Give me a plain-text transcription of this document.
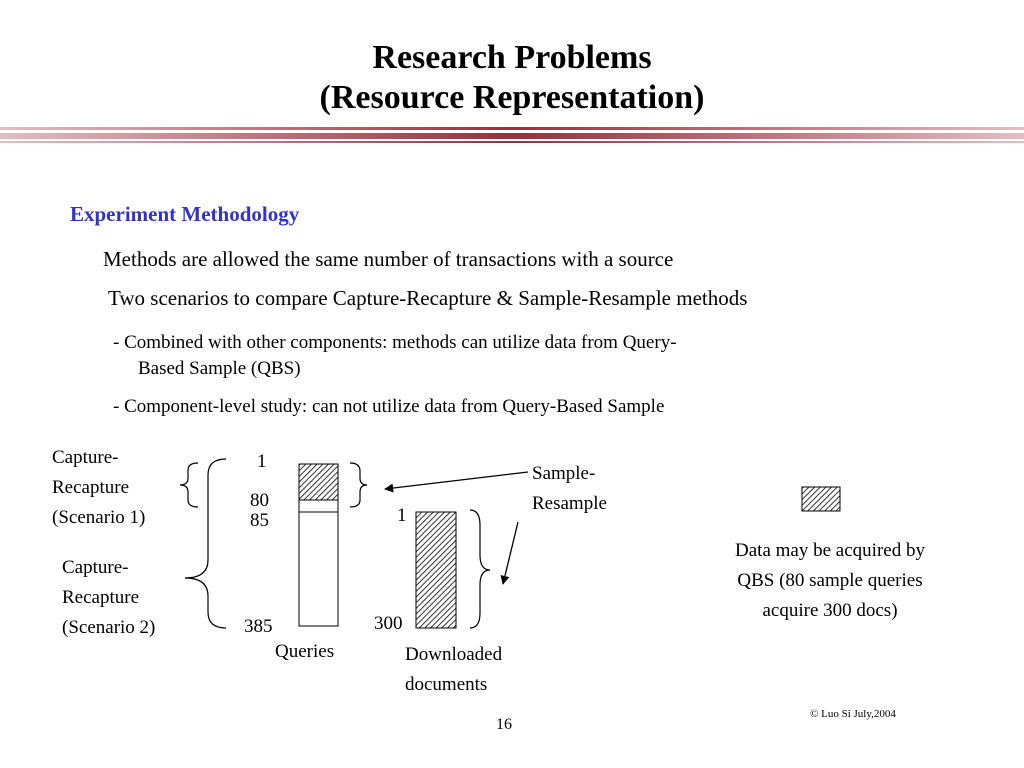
Research Problems
(Resource Representation)
Experiment Methodology
Methods are allowed the same number of transactions with a source
Two scenarios to compare Capture-Recapture & Sample-Resample methods
- Combined with other components: methods can utilize data from Query-
Based Sample (QBS)
- Component-level study: can not utilize data from Query-Based Sample
Capture-
Recapture
(Scenario 1)
Capture-
Recapture
(Scenario 2)
1
80
85
385
Queries
1
300
Downloaded
documents
Sample-
Resample
Data may be acquired by
QBS (80 sample queries
acquire 300 docs)
16
© Luo Si July,2004
